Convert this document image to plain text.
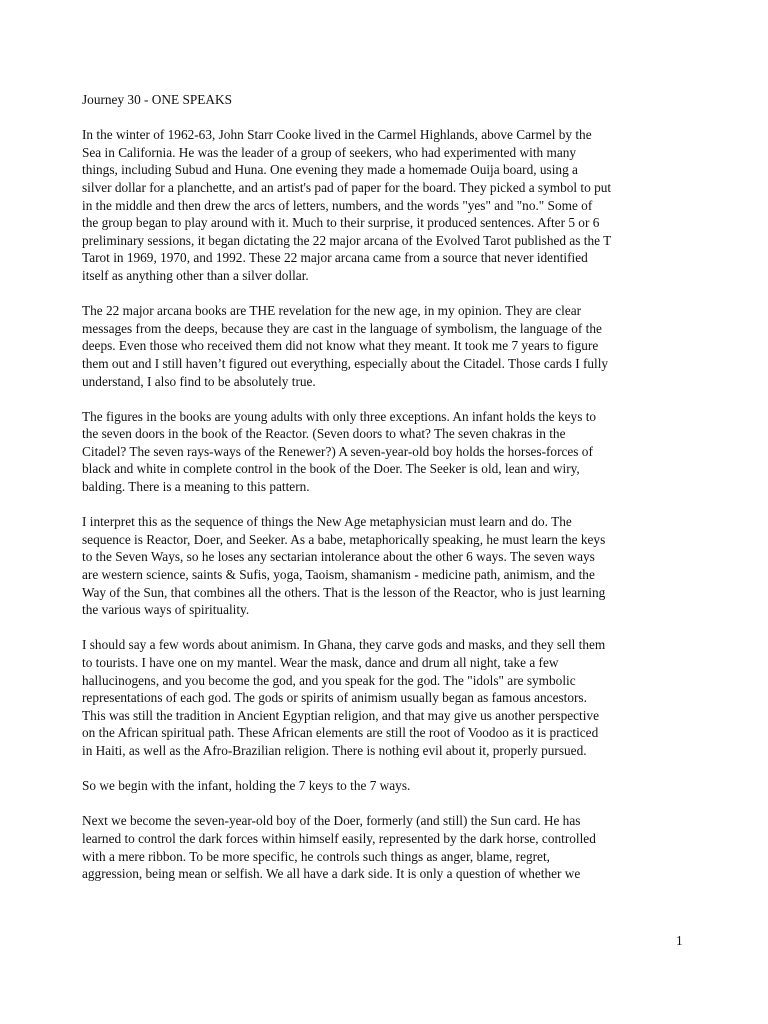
Journey 30 - ONE SPEAKS
In the winter of 1962-63, John Starr Cooke lived in the Carmel Highlands, above Carmel by the
Sea in California. He was the leader of a group of seekers, who had experimented with many
things, including Subud and Huna. One evening they made a homemade Ouija board, using a
silver dollar for a planchette, and an artist's pad of paper for the board. They picked a symbol to put
in the middle and then drew the arcs of letters, numbers, and the words "yes" and "no." Some of
the group began to play around with it. Much to their surprise, it produced sentences. After 5 or 6
preliminary sessions, it began dictating the 22 major arcana of the Evolved Tarot published as the T
Tarot in 1969, 1970, and 1992. These 22 major arcana came from a source that never identified
itself as anything other than a silver dollar.
The 22 major arcana books are THE revelation for the new age, in my opinion. They are clear
messages from the deeps, because they are cast in the language of symbolism, the language of the
deeps. Even those who received them did not know what they meant. It took me 7 years to figure
them out and I still haven’t figured out everything, especially about the Citadel. Those cards I fully
understand, I also find to be absolutely true.
The figures in the books are young adults with only three exceptions. An infant holds the keys to
the seven doors in the book of the Reactor. (Seven doors to what? The seven chakras in the
Citadel? The seven rays-ways of the Renewer?) A seven-year-old boy holds the horses-forces of
black and white in complete control in the book of the Doer. The Seeker is old, lean and wiry,
balding. There is a meaning to this pattern.
I interpret this as the sequence of things the New Age metaphysician must learn and do. The
sequence is Reactor, Doer, and Seeker. As a babe, metaphorically speaking, he must learn the keys
to the Seven Ways, so he loses any sectarian intolerance about the other 6 ways. The seven ways
are western science, saints & Sufis, yoga, Taoism, shamanism - medicine path, animism, and the
Way of the Sun, that combines all the others. That is the lesson of the Reactor, who is just learning
the various ways of spirituality.
I should say a few words about animism. In Ghana, they carve gods and masks, and they sell them
to tourists. I have one on my mantel. Wear the mask, dance and drum all night, take a few
hallucinogens, and you become the god, and you speak for the god. The "idols" are symbolic
representations of each god. The gods or spirits of animism usually began as famous ancestors.
This was still the tradition in Ancient Egyptian religion, and that may give us another perspective
on the African spiritual path. These African elements are still the root of Voodoo as it is practiced
in Haiti, as well as the Afro-Brazilian religion. There is nothing evil about it, properly pursued.
So we begin with the infant, holding the 7 keys to the 7 ways.
Next we become the seven-year-old boy of the Doer, formerly (and still) the Sun card. He has
learned to control the dark forces within himself easily, represented by the dark horse, controlled
with a mere ribbon. To be more specific, he controls such things as anger, blame, regret,
aggression, being mean or selfish. We all have a dark side. It is only a question of whether we
1
